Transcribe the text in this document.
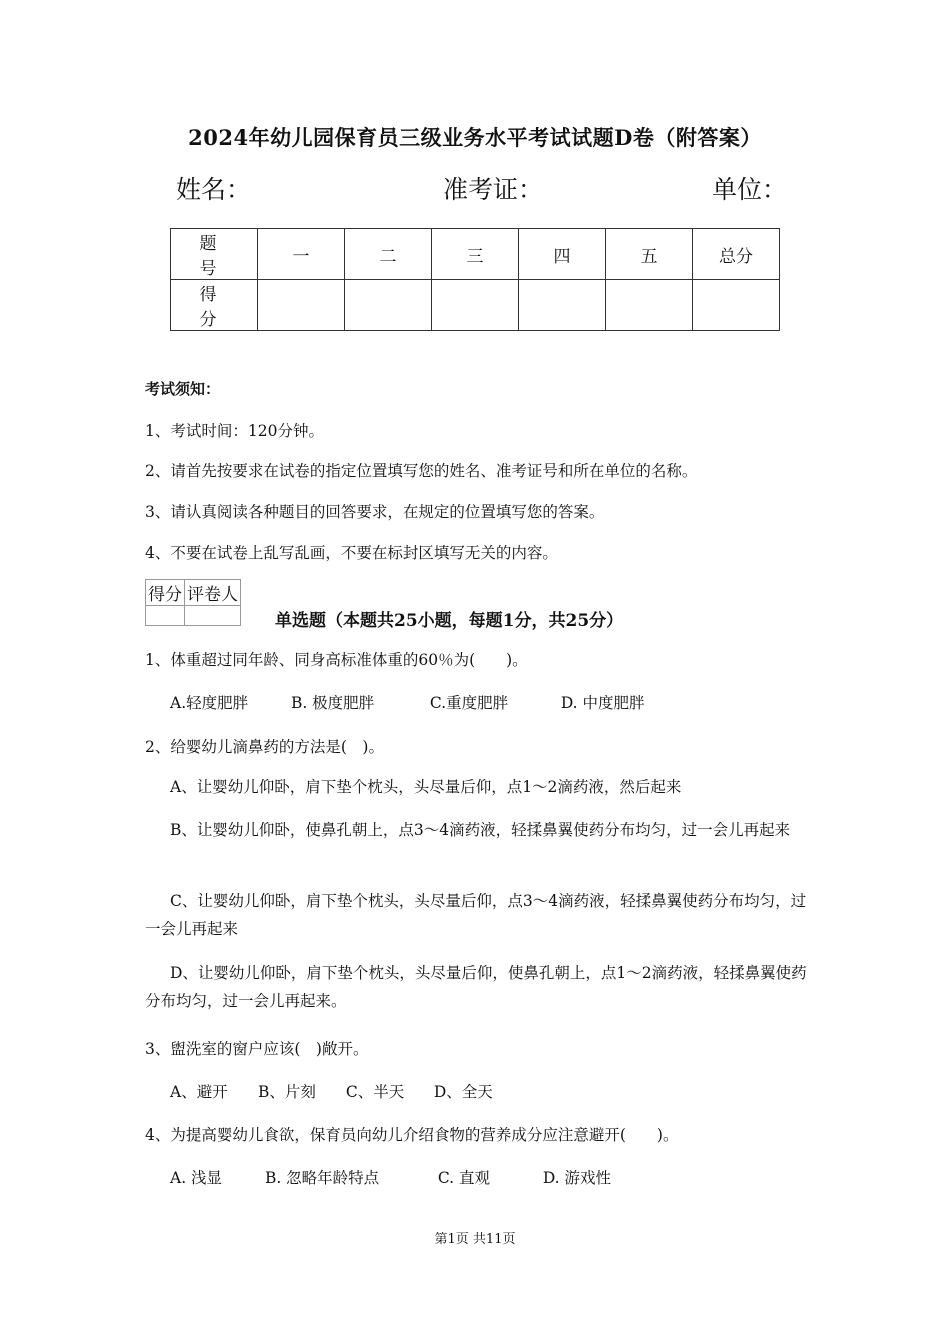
2024年幼儿园保育员三级业务水平考试试题D卷（附答案）
姓名：	准考证：	单位：
题　号	一	二	三	四	五	总分
得　分						
考试须知：
1、考试时间：120分钟。
2、请首先按要求在试卷的指定位置填写您的姓名、准考证号和所在单位的名称。
3、请认真阅读各种题目的回答要求，在规定的位置填写您的答案。
4、不要在试卷上乱写乱画，不要在标封区填写无关的内容。
得分	评卷人

单选题（本题共25小题，每题1分，共25分）
1、体重超过同年龄、同身高标准体重的60％为(　　)。
A.轻度肥胖	B. 极度肥胖	C.重度肥胖	D. 中度肥胖
2、给婴幼儿滴鼻药的方法是(　)。
A、让婴幼儿仰卧，肩下垫个枕头，头尽量后仰，点1～2滴药液，然后起来
B、让婴幼儿仰卧，使鼻孔朝上，点3～4滴药液，轻揉鼻翼使药分布均匀，过一会儿再起来
C、让婴幼儿仰卧，肩下垫个枕头，头尽量后仰，点3～4滴药液，轻揉鼻翼使药分布均匀，过一会儿再起来
D、让婴幼儿仰卧，肩下垫个枕头，头尽量后仰，使鼻孔朝上，点1～2滴药液，轻揉鼻翼使药分布均匀，过一会儿再起来。
3、盥洗室的窗户应该(　)敞开。
A、避开 B、片刻 C、半天 D、全天
4、为提高婴幼儿食欲，保育员向幼儿介绍食物的营养成分应注意避开(　　)。
A. 浅显	B. 忽略年龄特点	C. 直观	D. 游戏性
第1页 共11页
